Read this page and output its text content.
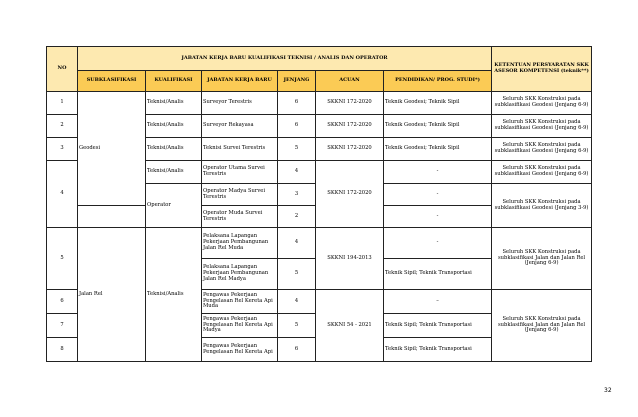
NO	JABATAN KERJA BARU KUALIFIKASI TEKNISI / ANALIS DAN OPERATOR						KETENTUAN PERSYARATAN SKK ASESOR KOMPETENSI (teknik**)
	SUBKLASIFIKASI	KUALIFIKASI	JABATAN KERJA BARU	JENJANG	ACUAN	PENDIDIKAN/ PROG. STUDI*)	
1	Geodesi	Teknisi/Analis	Surveyor Terestris	6	SKKNI 172-2020	Teknik Geodesi; Teknik Sipil	Seluruh SKK Konstruksi pada subklasifikasi Geodesi (Jenjang 6-9)
2		Teknisi/Analis	Surveyor Rekayasa	6	SKKNI 172-2020	Teknik Geodesi; Teknik Sipil	Seluruh SKK Konstruksi pada subklasifikasi Geodesi (Jenjang 6-9)
3		Teknisi/Analis	Teknisi Survei Terestris	5	SKKNI 172-2020	Teknik Geodesi; Teknik Sipil	Seluruh SKK Konstruksi pada subklasifikasi Geodesi (Jenjang 6-9)
4		Teknisi/Analis	Operator Utama Survei Terestris	4	SKKNI 172-2020	-	Seluruh SKK Konstruksi pada subklasifikasi Geodesi (Jenjang 6-9)
		Operator	Operator Madya Survei Terestris	3		-	Seluruh SKK Konstruksi pada subklasifikasi Geodesi (Jenjang 3-9)
			Operator Muda Survei Terestris	2		-	
5	Jalan Rel	Teknisi/Analis	Pelaksana Lapangan Pekerjaan Pembangunan Jalan Rel Muda	4	SKKNI 194-2013	-	Seluruh SKK Konstruksi pada subklasifikasi Jalan dan Jalan Rel (Jenjang 6-9)
			Pelaksana Lapangan Pekerjaan Pembangunan Jalan Rel Madya	5		Teknik Sipil; Teknik Transportasi	
6			Pengawas Pekerjaan Pengelasan Rel Kereta Api Muda	4	SKKNI 54 - 2021	–	Seluruh SKK Konstruksi pada subklasifikasi Jalan dan Jalan Rel (Jenjang 6-9)
7			Pengawas Pekerjaan Pengelasan Rel Kereta Api Madya	5		Teknik Sipil; Teknik Transportasi	
8			Pengawas Pekerjaan Pengelasan Rel Kereta Api	6		Teknik Sipil; Teknik Transportasi	
32
